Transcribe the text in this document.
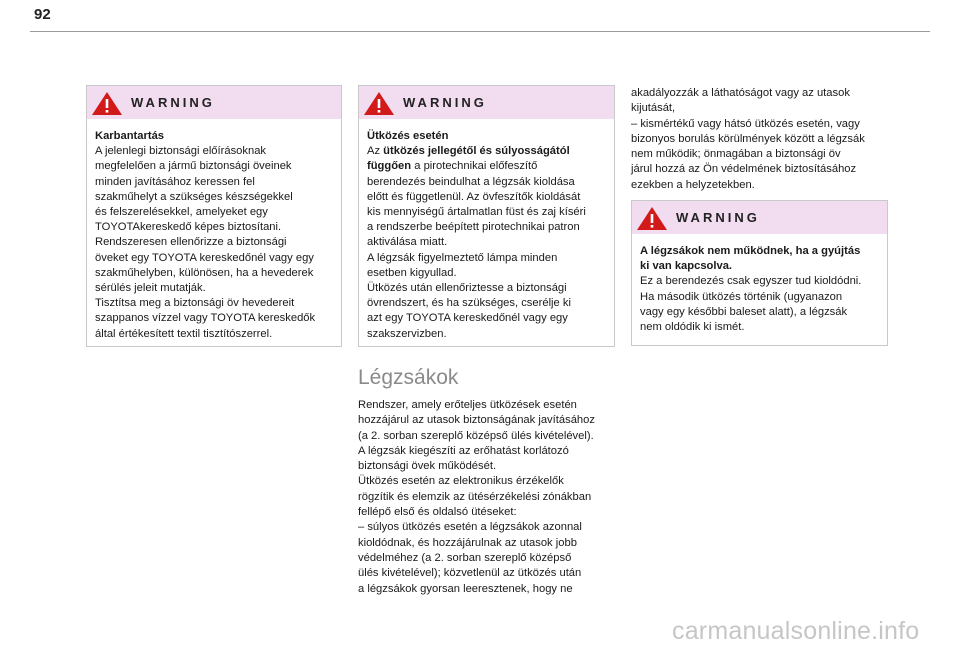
92
WARNING

Karbantartás

A jelenlegi biztonsági előírásoknak

megfelelően a jármű biztonsági öveinek

minden javításához keressen fel

szakműhelyt a szükséges készségekkel

és felszerelésekkel, amelyeket egy

TOYOTAkereskedő képes biztosítani.

Rendszeresen ellenőrizze a biztonsági

öveket egy TOYOTA kereskedőnél vagy egy

szakműhelyben, különösen, ha a hevederek

sérülés jeleit mutatják.

Tisztítsa meg a biztonsági öv hevedereit

szappanos vízzel vagy TOYOTA kereskedők

által értékesített textil tisztítószerrel.

WARNING

Ütközés esetén

Az ütközés jellegétől és súlyosságától

függően a pirotechnikai előfeszítő

berendezés beindulhat a légzsák kioldása

előtt és függetlenül. Az övfeszítők kioldását

kis mennyiségű ártalmatlan füst és zaj kíséri

a rendszerbe beépített pirotechnikai patron

aktiválása miatt.

A légzsák figyelmeztető lámpa minden

esetben kigyullad.

Ütközés után ellenőriztesse a biztonsági

övrendszert, és ha szükséges, cserélje ki

azt egy TOYOTA kereskedőnél vagy egy

szakszervizben.

Légzsákok

Rendszer, amely erőteljes ütközések esetén

hozzájárul az utasok biztonságának javításához

(a 2. sorban szereplő középső ülés kivételével).

A légzsák kiegészíti az erőhatást korlátozó

biztonsági övek működését.

Ütközés esetén az elektronikus érzékelők

rögzítik és elemzik az ütésérzékelési zónákban

fellépő első és oldalsó ütéseket:

– súlyos ütközés esetén a légzsákok azonnal

kioldódnak, és hozzájárulnak az utasok jobb

védelméhez (a 2. sorban szereplő középső

ülés kivételével); közvetlenül az ütközés után

a légzsákok gyorsan leeresztenek, hogy ne

akadályozzák a láthatóságot vagy az utasok

kijutását,

– kismértékű vagy hátsó ütközés esetén, vagy

bizonyos borulás körülmények között a légzsák

nem működik; önmagában a biztonsági öv

járul hozzá az Ön védelmének biztosításához

ezekben a helyzetekben.

WARNING

A légzsákok nem működnek, ha a gyújtás

ki van kapcsolva.

Ez a berendezés csak egyszer tud kioldódni.

Ha második ütközés történik (ugyanazon

vagy egy későbbi baleset alatt), a légzsák

nem oldódik ki ismét.

carmanualsonline.info
